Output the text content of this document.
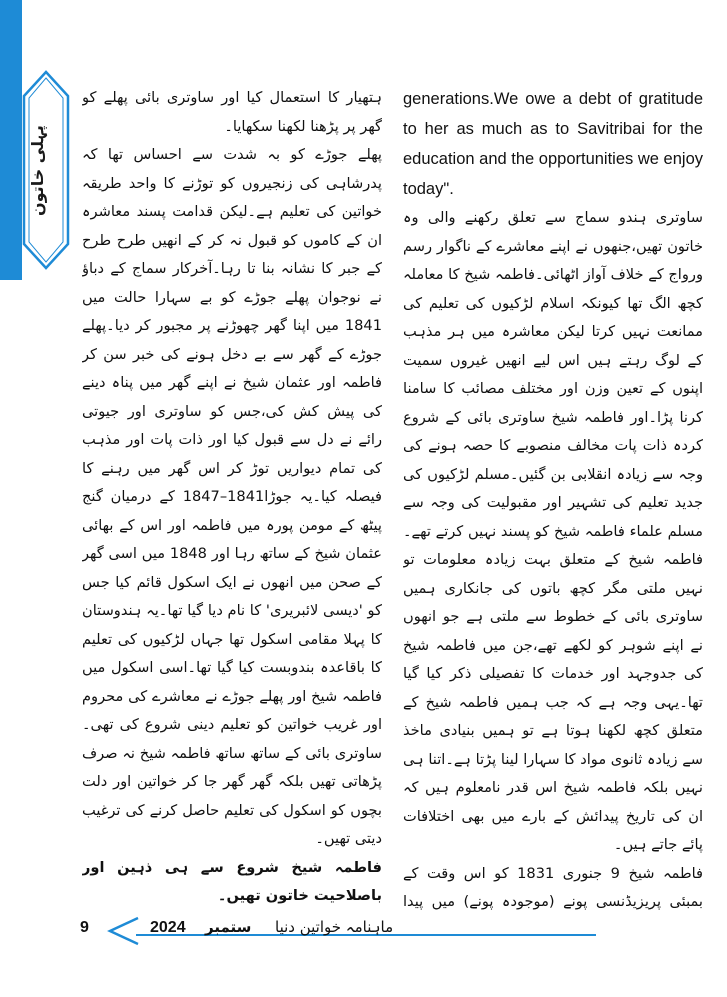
پہلی خاتون

ہتھیار کا استعمال کیا اور ساوتری بائی پھلے کو گھر پر پڑھنا لکھنا سکھایا۔

پھلے جوڑے کو بہ شدت سے احساس تھا کہ پدرشاہی کی زنجیروں کو توڑنے کا واحد طریقہ خواتین کی تعلیم ہے۔لیکن قدامت پسند معاشرہ ان کے کاموں کو قبول نہ کر کے انھیں طرح طرح کے جبر کا نشانہ بنا تا رہا۔آخرکار سماج کے دباؤ نے نوجوان پھلے جوڑے کو بے سہارا حالت میں 1841 میں اپنا گھر چھوڑنے پر مجبور کر دیا۔پھلے جوڑے کے گھر سے بے دخل ہونے کی خبر سن کر فاطمہ اور عثمان شیخ نے اپنے گھر میں پناہ دینے کی پیش کش کی،جس کو ساوتری اور جیوتی رائے نے دل سے قبول کیا اور ذات پات اور مذہب کی تمام دیواریں توڑ کر اس گھر میں رہنے کا فیصلہ کیا۔یہ جوڑا1841–1847 کے درمیان گنج پیٹھ کے مومن پورہ میں فاطمہ اور اس کے بھائی عثمان شیخ کے ساتھ رہا اور 1848 میں اسی گھر کے صحن میں انھوں نے ایک اسکول قائم کیا جس کو 'دیسی لائبریری' کا نام دیا گیا تھا۔یہ ہندوستان کا پہلا مقامی اسکول تھا جہاں لڑکیوں کی تعلیم کا باقاعدہ بندوبست کیا گیا تھا۔اسی اسکول میں فاطمہ شیخ اور پھلے جوڑے نے معاشرے کی محروم اور غریب خواتین کو تعلیم دینی شروع کی تھی۔ساوتری بائی کے ساتھ ساتھ فاطمہ شیخ نہ صرف پڑھاتی تھیں بلکہ گھر گھر جا کر خواتین اور دلت بچوں کو اسکول کی تعلیم حاصل کرنے کی ترغیب دیتی تھیں۔

فاطمہ شیخ شروع سے ہی ذہین اور باصلاحیت خاتون تھیں۔

generations.We owe a debt of gratitude to her as much as to Savitribai for the education and the opportunities we enjoy today".

ساوتری ہندو سماج سے تعلق رکھنے والی وہ خاتون تھیں،جنھوں نے اپنے معاشرے کے ناگوار رسم ورواج کے خلاف آواز اٹھائی۔فاطمہ شیخ کا معاملہ کچھ الگ تھا کیونکہ اسلام لڑکیوں کی تعلیم کی ممانعت نہیں کرتا لیکن معاشرہ میں ہر مذہب کے لوگ رہتے ہیں اس لیے انھیں غیروں سمیت اپنوں کے تعین وزن اور مختلف مصائب کا سامنا کرنا پڑا۔اور فاطمہ شیخ ساوتری بائی کے شروع کردہ ذات پات مخالف منصوبے کا حصہ ہونے کی وجہ سے زیادہ انقلابی بن گئیں۔مسلم لڑکیوں کی جدید تعلیم کی تشہیر اور مقبولیت کی وجہ سے مسلم علماء فاطمہ شیخ کو پسند نہیں کرتے تھے۔فاطمہ شیخ کے متعلق بہت زیادہ معلومات تو نہیں ملتی مگر کچھ باتوں کی جانکاری ہمیں ساوتری بائی کے خطوط سے ملتی ہے جو انھوں نے اپنے شوہر کو لکھے تھے،جن میں فاطمہ شیخ کی جدوجہد اور خدمات کا تفصیلی ذکر کیا گیا تھا۔یہی وجہ ہے کہ جب ہمیں فاطمہ شیخ کے متعلق کچھ لکھنا ہوتا ہے تو ہمیں بنیادی ماخذ سے زیادہ ثانوی مواد کا سہارا لینا پڑتا ہے۔اتنا ہی نہیں بلکہ فاطمہ شیخ اس قدر نامعلوم ہیں کہ ان کی تاریخ پیدائش کے بارے میں بھی اختلافات پائے جاتے ہیں۔

فاطمہ شیخ 9 جنوری 1831 کو اس وقت کے بمبئی پریزیڈنسی پونے (موجودہ پونے) میں پیدا

9	2024 ستمبر ماہنامہ خواتین دنیا
